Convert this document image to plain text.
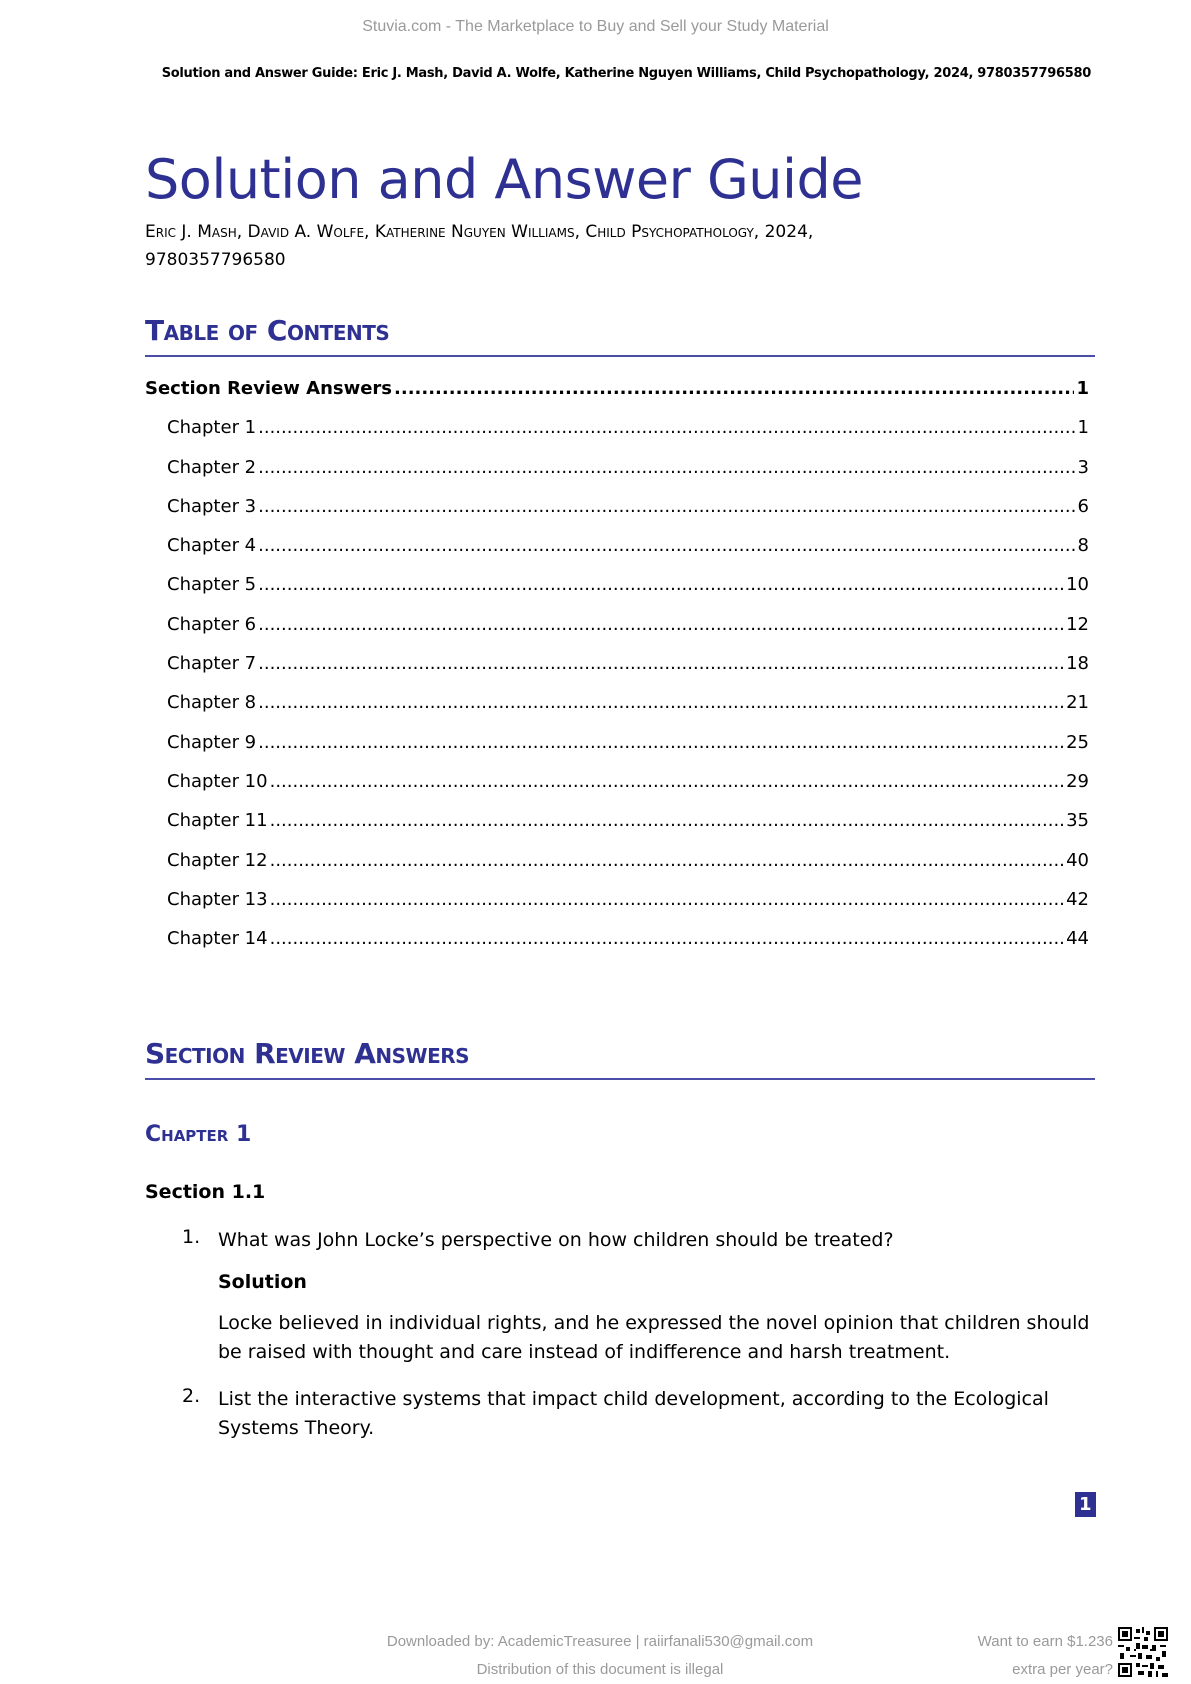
Stuvia.com - The Marketplace to Buy and Sell your Study Material
Solution and Answer Guide: Eric J. Mash, David A. Wolfe, Katherine Nguyen Williams, Child Psychopathology, 2024, 9780357796580
Solution and Answer Guide
Eric J. Mash, David A. Wolfe, Katherine Nguyen Williams, Child Psychopathology, 2024,
9780357796580
Table of Contents
Section Review Answers .....	1
Chapter 1 .....	1
Chapter 2 .....	3
Chapter 3 .....	6
Chapter 4 .....	8
Chapter 5 .....	10
Chapter 6 .....	12
Chapter 7 .....	18
Chapter 8 .....	21
Chapter 9 .....	25
Chapter 10 .....	29
Chapter 11 .....	35
Chapter 12 .....	40
Chapter 13 .....	42
Chapter 14 .....	44
Section Review Answers
Chapter 1
Section 1.1
1. What was John Locke’s perspective on how children should be treated?
Solution
Locke believed in individual rights, and he expressed the novel opinion that children should be raised with thought and care instead of indifference and harsh treatment.
2. List the interactive systems that impact child development, according to the Ecological Systems Theory.
1
Downloaded by: AcademicTreasuree | raiirfanali530@gmail.com
Distribution of this document is illegal
Want to earn $1.236
extra per year?
